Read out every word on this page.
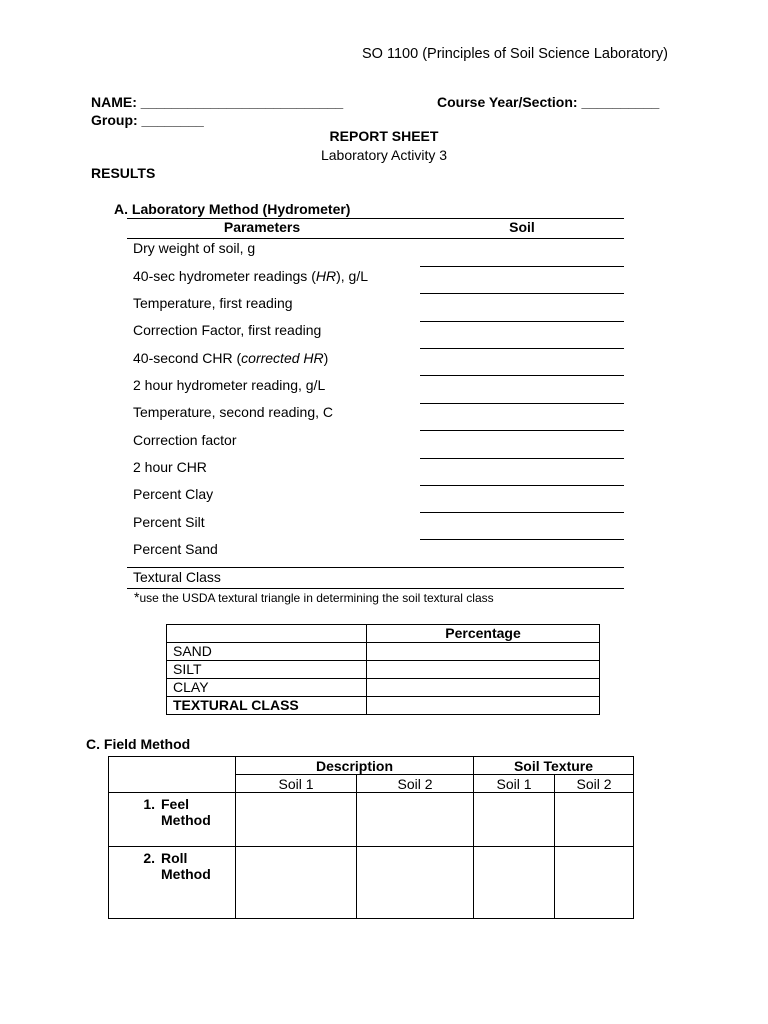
SO 1100 (Principles of Soil Science Laboratory)
NAME: __________________________	Course Year/Section: __________
Group: ________
REPORT SHEET
Laboratory Activity 3
RESULTS
A. Laboratory Method (Hydrometer)
Parameters	Soil
Dry weight of soil, g
40-sec hydrometer readings (HR), g/L
Temperature, first reading
Correction Factor, first reading
40-second CHR (corrected HR)
2 hour hydrometer reading, g/L
Temperature, second reading, C
Correction factor
2 hour CHR
Percent Clay
Percent Silt
Percent Sand
Textural Class
*use the USDA textural triangle in determining the soil textural class
	Percentage
SAND	
SILT	
CLAY	
TEXTURAL CLASS	
C. Field Method
	Description		Soil Texture	
	Soil 1	Soil 2	Soil 1	Soil 2
1. Feel
Method				

2. Roll
Method				
